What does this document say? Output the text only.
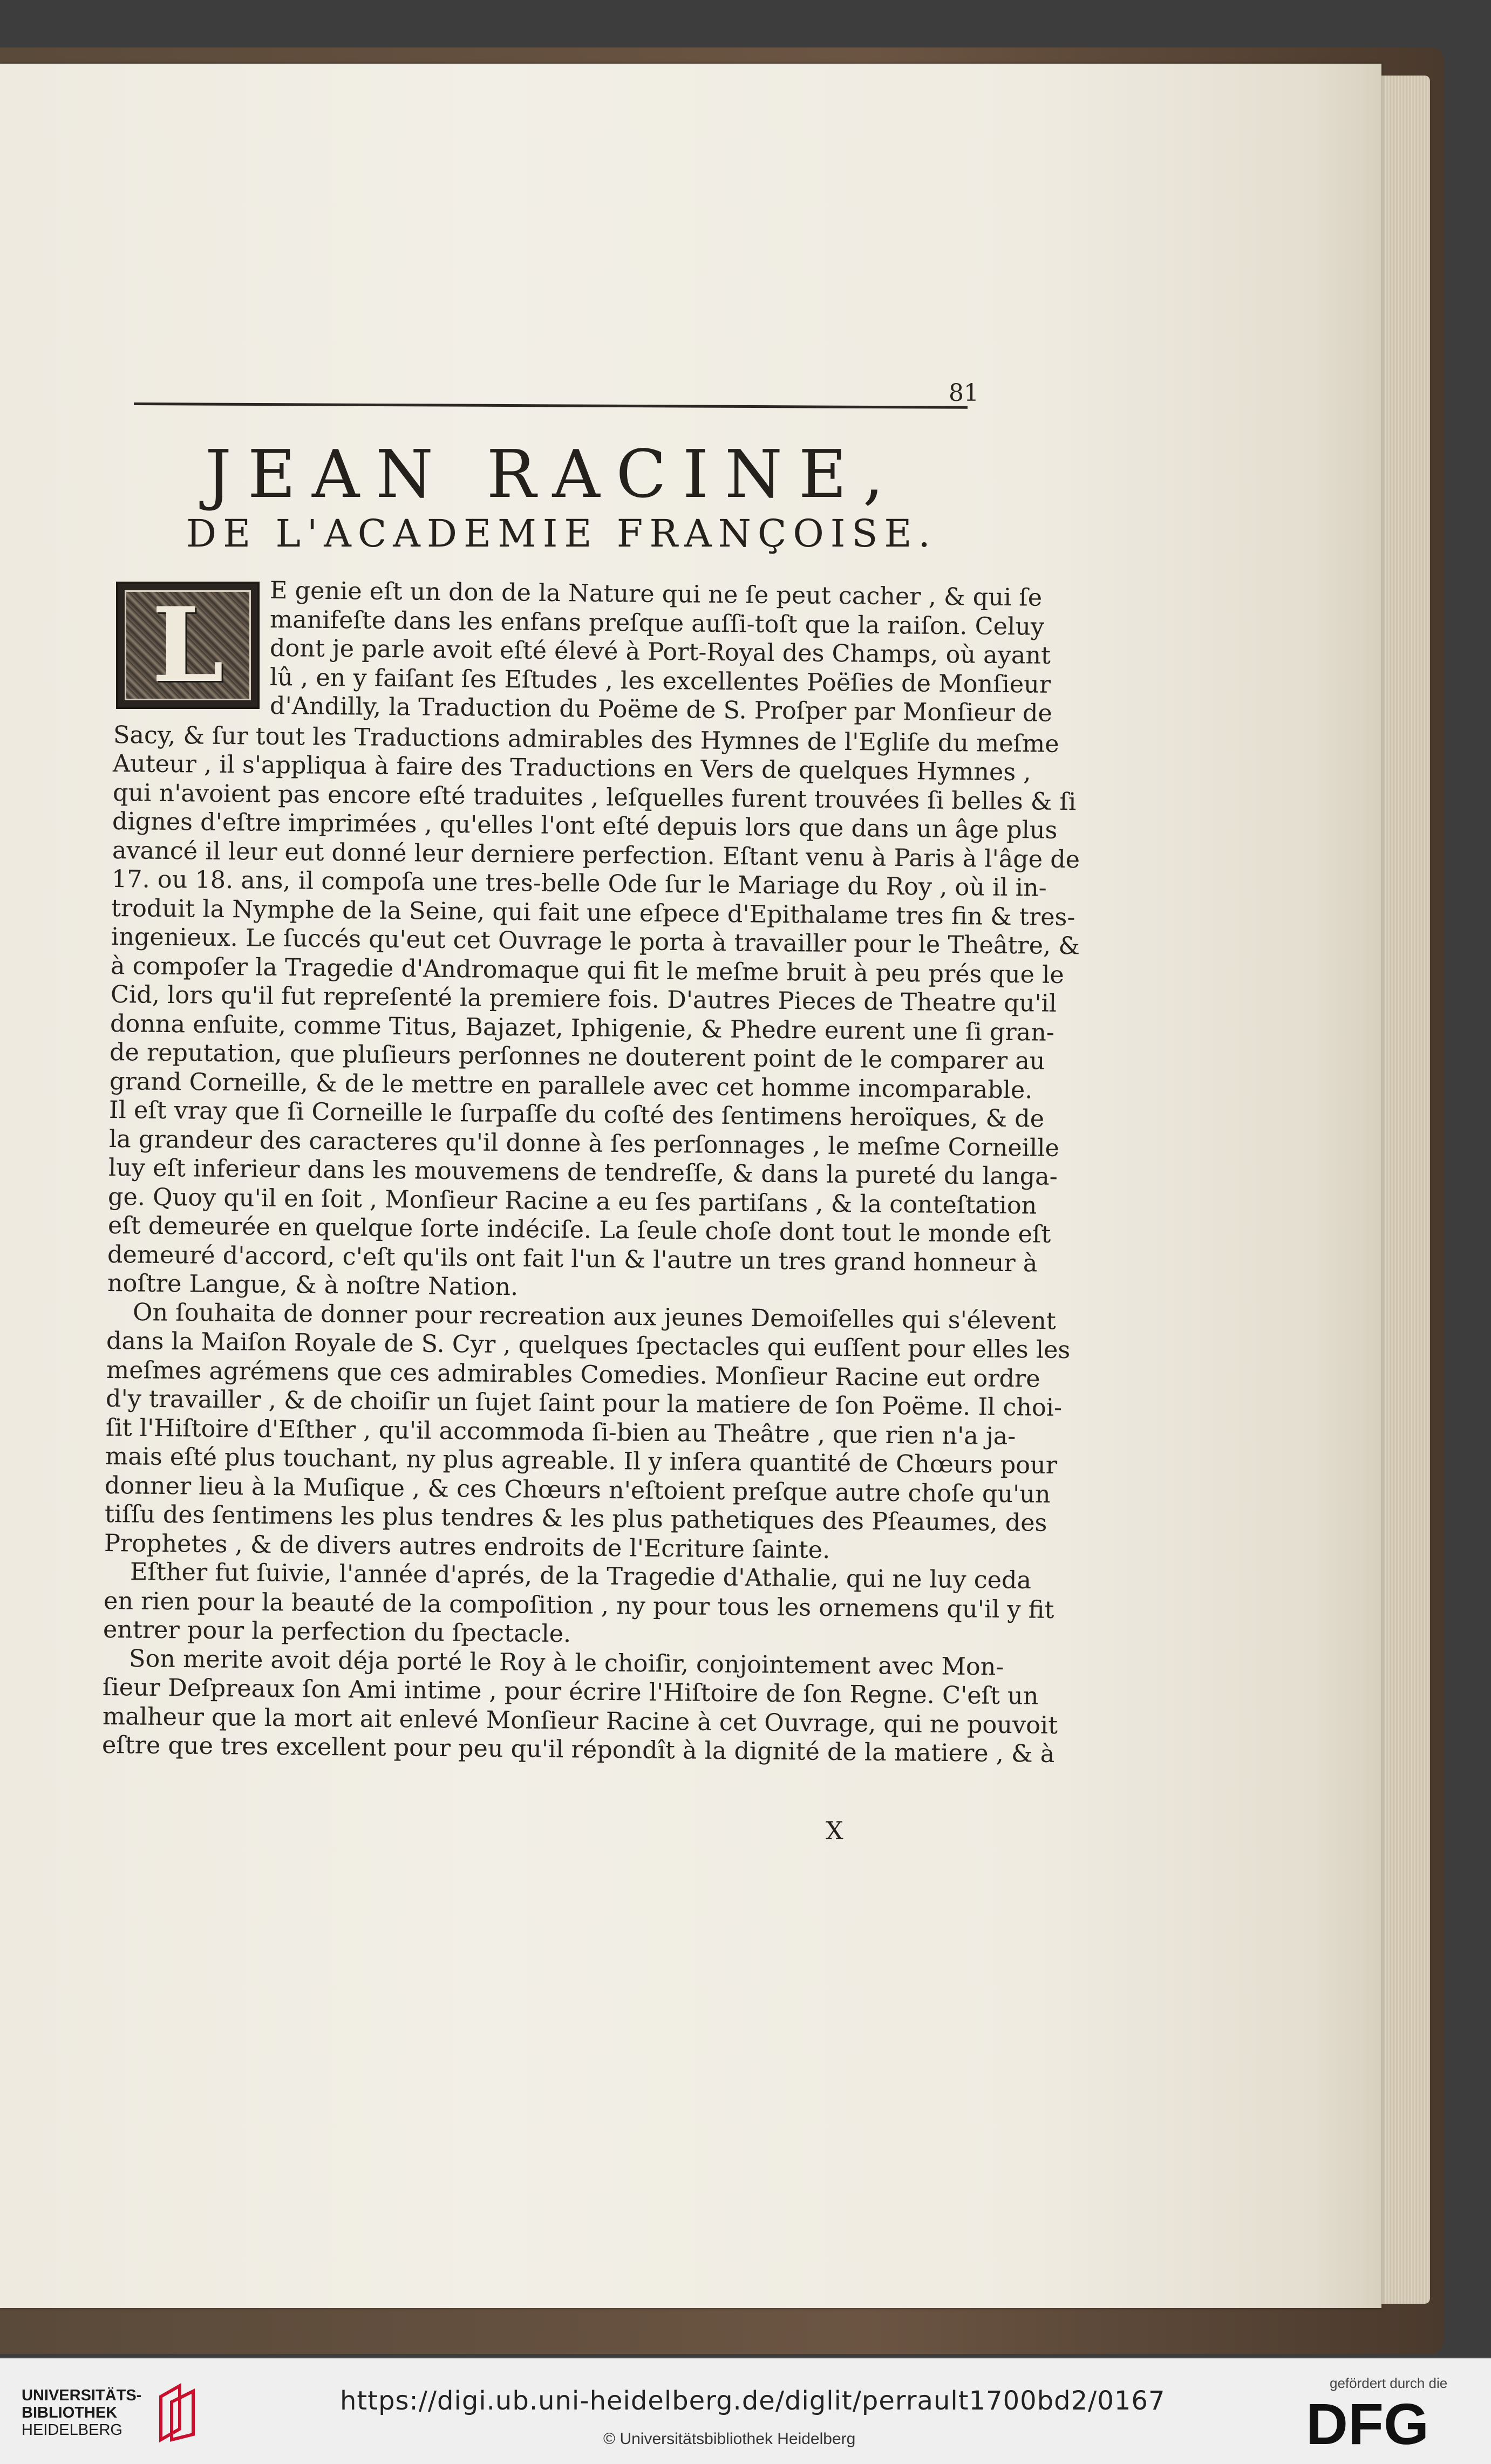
81
JEAN RACINE,
DE L'ACADEMIE FRANÇOISE.
L E genie eſt un don de la Nature qui ne ſe peut cacher , & qui ſe
manifeſte dans les enfans preſque auſſi-toſt que la raiſon. Celuy
dont je parle avoit eſté élevé à Port-Royal des Champs, où ayant
lû , en y faiſant ſes Eſtudes , les excellentes Poëſies de Monſieur
d'Andilly, la Traduction du Poëme de S. Proſper par Monſieur de
Sacy, & ſur tout les Traductions admirables des Hymnes de l'Egliſe du meſme
Auteur , il s'appliqua à faire des Traductions en Vers de quelques Hymnes ,
qui n'avoient pas encore eſté traduites , leſquelles furent trouvées ſi belles & ſi
dignes d'eſtre imprimées , qu'elles l'ont eſté depuis lors que dans un âge plus
avancé il leur eut donné leur derniere perfection. Eſtant venu à Paris à l'âge de
17. ou 18. ans, il compoſa une tres-belle Ode ſur le Mariage du Roy , où il in-
troduit la Nymphe de la Seine, qui fait une eſpece d'Epithalame tres fin & tres-
ingenieux. Le ſuccés qu'eut cet Ouvrage le porta à travailler pour le Theâtre, &
à compoſer la Tragedie d'Andromaque qui fit le meſme bruit à peu prés que le
Cid, lors qu'il fut repreſenté la premiere fois. D'autres Pieces de Theatre qu'il
donna enſuite, comme Titus, Bajazet, Iphigenie, & Phedre eurent une ſi gran-
de reputation, que pluſieurs perſonnes ne douterent point de le comparer au
grand Corneille, & de le mettre en parallele avec cet homme incomparable.
Il eſt vray que ſi Corneille le ſurpaſſe du coſté des ſentimens heroïques, & de
la grandeur des caracteres qu'il donne à ſes perſonnages , le meſme Corneille
luy eſt inferieur dans les mouvemens de tendreſſe, & dans la pureté du langa-
ge. Quoy qu'il en ſoit , Monſieur Racine a eu ſes partiſans , & la conteſtation
eſt demeurée en quelque ſorte indéciſe. La ſeule choſe dont tout le monde eſt
demeuré d'accord, c'eſt qu'ils ont fait l'un & l'autre un tres grand honneur à
noſtre Langue, & à noſtre Nation.
On ſouhaita de donner pour recreation aux jeunes Demoiſelles qui s'élevent
dans la Maiſon Royale de S. Cyr , quelques ſpectacles qui euſſent pour elles les
meſmes agrémens que ces admirables Comedies. Monſieur Racine eut ordre
d'y travailler , & de choiſir un ſujet ſaint pour la matiere de ſon Poëme. Il choi-
ſit l'Hiſtoire d'Eſther , qu'il accommoda ſi-bien au Theâtre , que rien n'a ja-
mais eſté plus touchant, ny plus agreable. Il y inſera quantité de Chœurs pour
donner lieu à la Muſique , & ces Chœurs n'eſtoient preſque autre choſe qu'un
tiſſu des ſentimens les plus tendres & les plus pathetiques des Pſeaumes, des
Prophetes , & de divers autres endroits de l'Ecriture ſainte.
Eſther fut ſuivie, l'année d'aprés, de la Tragedie d'Athalie, qui ne luy ceda
en rien pour la beauté de la compoſition , ny pour tous les ornemens qu'il y fit
entrer pour la perfection du ſpectacle.
Son merite avoit déja porté le Roy à le choiſir, conjointement avec Mon-
ſieur Deſpreaux ſon Ami intime , pour écrire l'Hiſtoire de ſon Regne. C'eſt un
malheur que la mort ait enlevé Monſieur Racine à cet Ouvrage, qui ne pouvoit
eſtre que tres excellent pour peu qu'il répondît à la dignité de la matiere , & à
X
UNIVERSITÄTS-
BIBLIOTHEK
HEIDELBERG
https://digi.ub.uni-heidelberg.de/diglit/perrault1700bd2/0167
© Universitätsbibliothek Heidelberg
gefördert durch die
DFG
